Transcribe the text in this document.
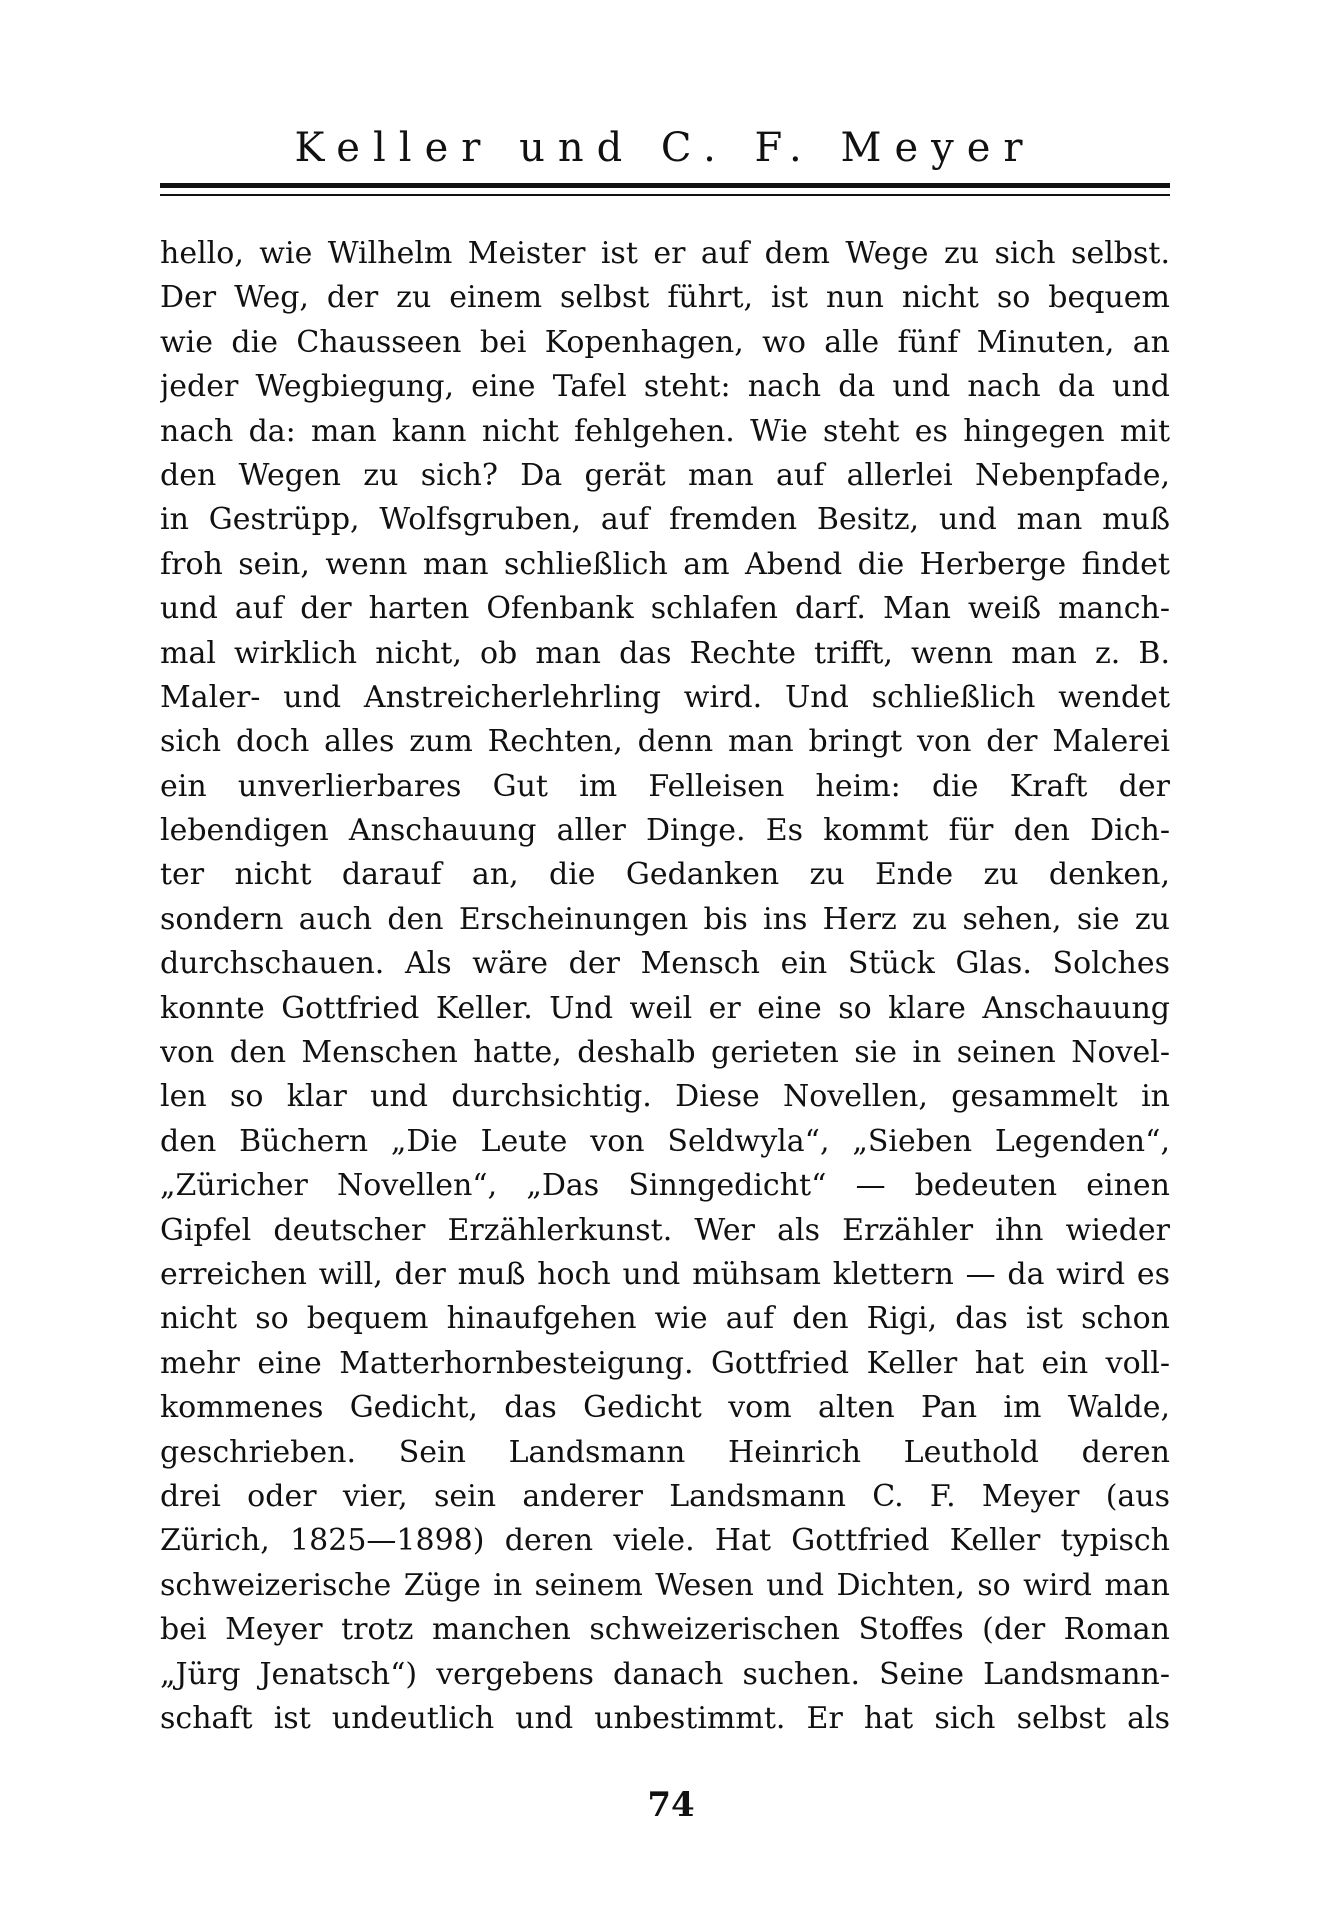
Keller und C. F. Meyer
hello, wie Wilhelm Meister ist er auf dem Wege zu sich selbst.
Der Weg, der zu einem selbst führt, ist nun nicht so bequem
wie die Chausseen bei Kopenhagen, wo alle fünf Minuten, an
jeder Wegbiegung, eine Tafel steht: nach da und nach da und
nach da: man kann nicht fehlgehen. Wie steht es hingegen mit
den Wegen zu sich? Da gerät man auf allerlei Nebenpfade,
in Gestrüpp, Wolfsgruben, auf fremden Besitz, und man muß
froh sein, wenn man schließlich am Abend die Herberge findet
und auf der harten Ofenbank schlafen darf. Man weiß manch-
mal wirklich nicht, ob man das Rechte trifft, wenn man z. B.
Maler- und Anstreicherlehrling wird. Und schließlich wendet
sich doch alles zum Rechten, denn man bringt von der Malerei
ein unverlierbares Gut im Felleisen heim: die Kraft der
lebendigen Anschauung aller Dinge. Es kommt für den Dich-
ter nicht darauf an, die Gedanken zu Ende zu denken,
sondern auch den Erscheinungen bis ins Herz zu sehen, sie zu
durchschauen. Als wäre der Mensch ein Stück Glas. Solches
konnte Gottfried Keller. Und weil er eine so klare Anschauung
von den Menschen hatte, deshalb gerieten sie in seinen Novel-
len so klar und durchsichtig. Diese Novellen, gesammelt in
den Büchern „Die Leute von Seldwyla“, „Sieben Legenden“,
„Züricher Novellen“, „Das Sinngedicht“ — bedeuten einen
Gipfel deutscher Erzählerkunst. Wer als Erzähler ihn wieder
erreichen will, der muß hoch und mühsam klettern — da wird es
nicht so bequem hinaufgehen wie auf den Rigi, das ist schon
mehr eine Matterhornbesteigung. Gottfried Keller hat ein voll-
kommenes Gedicht, das Gedicht vom alten Pan im Walde,
geschrieben. Sein Landsmann Heinrich Leuthold deren
drei oder vier, sein anderer Landsmann C. F. Meyer (aus
Zürich, 1825—1898) deren viele. Hat Gottfried Keller typisch
schweizerische Züge in seinem Wesen und Dichten, so wird man
bei Meyer trotz manchen schweizerischen Stoffes (der Roman
„Jürg Jenatsch“) vergebens danach suchen. Seine Landsmann-
schaft ist undeutlich und unbestimmt. Er hat sich selbst als
74
